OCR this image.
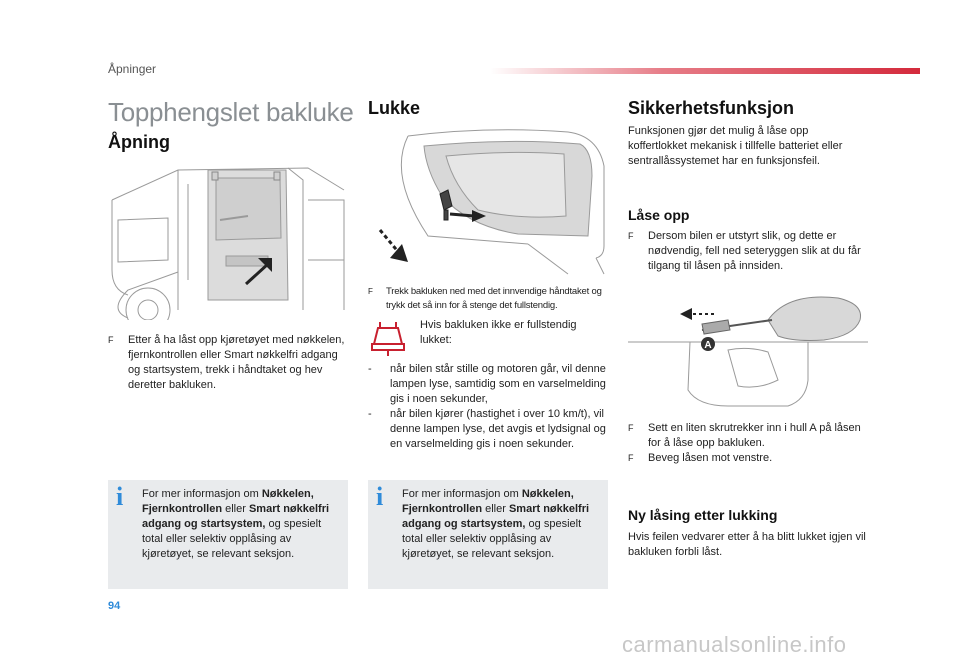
Åpninger
Topphengslet bakluke
Åpning
F	Etter å ha låst opp kjøretøyet med nøkkelen, fjernkontrollen eller Smart nøkkelfri adgang og startsystem, trekk i håndtaket og hev deretter bakluken.
i For mer informasjon om Nøkkelen, Fjernkontrollen eller Smart nøkkelfri adgang og startsystem, og spesielt total eller selektiv opplåsing av kjøretøyet, se relevant seksjon.
Lukke
F	Trekk bakluken ned med det innvendige håndtaket og trykk det så inn for å stenge det fullstendig.
Hvis bakluken ikke er fullstendig lukket:
-	når bilen står stille og motoren går, vil denne lampen lyse, samtidig som en varselmelding gis i noen sekunder,
-	når bilen kjører (hastighet i over 10 km/t), vil denne lampen lyse, det avgis et lydsignal og en varselmelding gis i noen sekunder.
i For mer informasjon om Nøkkelen, Fjernkontrollen eller Smart nøkkelfri adgang og startsystem, og spesielt total eller selektiv opplåsing av kjøretøyet, se relevant seksjon.
Sikkerhetsfunksjon
Funksjonen gjør det mulig å låse opp koffertlokket mekanisk i tillfelle batteriet eller sentrallåssystemet har en funksjonsfeil.
Låse opp
F	Dersom bilen er utstyrt slik, og dette er nødvendig, fell ned seteryggen slik at du får tilgang til låsen på innsiden.
A
F	Sett en liten skrutrekker inn i hull A på låsen for å låse opp bakluken.
F	Beveg låsen mot venstre.
Ny låsing etter lukking
Hvis feilen vedvarer etter å ha blitt lukket igjen vil bakluken forbli låst.
94
carmanualsonline.info
